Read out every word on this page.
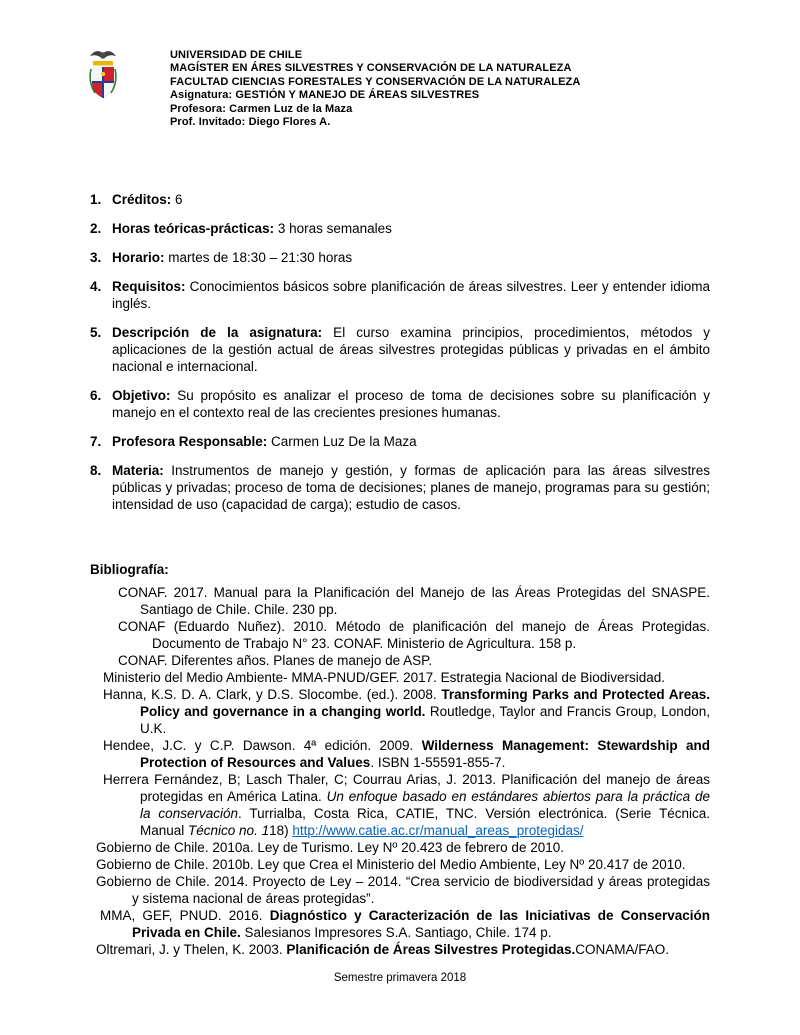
UNIVERSIDAD DE CHILE
MAGÍSTER EN ÁRES SILVESTRES Y CONSERVACIÓN DE LA NATURALEZA
FACULTAD CIENCIAS FORESTALES Y CONSERVACIÓN DE LA NATURALEZA
Asignatura: GESTIÓN Y MANEJO DE ÁREAS SILVESTRES
Profesora: Carmen Luz de la Maza
Prof. Invitado: Diego Flores A.
1. Créditos: 6
2. Horas teóricas-prácticas: 3 horas semanales
3. Horario: martes de 18:30 – 21:30 horas
4. Requisitos: Conocimientos básicos sobre planificación de áreas silvestres. Leer y entender idioma inglés.
5. Descripción de la asignatura: El curso examina principios, procedimientos, métodos y aplicaciones de la gestión actual de áreas silvestres protegidas públicas y privadas en el ámbito nacional e internacional.
6. Objetivo: Su propósito es analizar el proceso de toma de decisiones sobre su planificación y manejo en el contexto real de las crecientes presiones humanas.
7. Profesora Responsable: Carmen Luz De la Maza
8. Materia: Instrumentos de manejo y gestión, y formas de aplicación para las áreas silvestres públicas y privadas; proceso de toma de decisiones; planes de manejo, programas para su gestión; intensidad de uso (capacidad de carga); estudio de casos.
Bibliografía:

CONAF. 2017. Manual para la Planificación del Manejo de las Áreas Protegidas del SNASPE. Santiago de Chile. Chile. 230 pp.

CONAF (Eduardo Nuñez). 2010. Método de planificación del manejo de Áreas Protegidas. Documento de Trabajo N° 23. CONAF. Ministerio de Agricultura. 158 p.

CONAF. Diferentes años. Planes de manejo de ASP.

Ministerio del Medio Ambiente- MMA-PNUD/GEF. 2017. Estrategia Nacional de Biodiversidad.

Hanna, K.S. D. A. Clark, y D.S. Slocombe. (ed.). 2008. Transforming Parks and Protected Areas. Policy and governance in a changing world. Routledge, Taylor and Francis Group, London, U.K.

Hendee, J.C. y C.P. Dawson. 4ª edición. 2009. Wilderness Management: Stewardship and Protection of Resources and Values. ISBN 1-55591-855-7.

Herrera Fernández, B; Lasch Thaler, C; Courrau Arias, J. 2013. Planificación del manejo de áreas protegidas en América Latina. Un enfoque basado en estándares abiertos para la práctica de la conservación. Turrialba, Costa Rica, CATIE, TNC. Versión electrónica. (Serie Técnica. Manual Técnico no. 118) http://www.catie.ac.cr/manual_areas_protegidas/

Gobierno de Chile. 2010a. Ley de Turismo. Ley Nº 20.423 de febrero de 2010.

Gobierno de Chile. 2010b. Ley que Crea el Ministerio del Medio Ambiente, Ley Nº 20.417 de 2010.

Gobierno de Chile. 2014. Proyecto de Ley – 2014. “Crea servicio de biodiversidad y áreas protegidas y sistema nacional de áreas protegidas”.

MMA, GEF, PNUD. 2016. Diagnóstico y Caracterización de las Iniciativas de Conservación Privada en Chile. Salesianos Impresores S.A. Santiago, Chile. 174 p.

Oltremari, J. y Thelen, K. 2003. Planificación de Áreas Silvestres Protegidas.CONAMA/FAO.

Semestre primavera 2018
